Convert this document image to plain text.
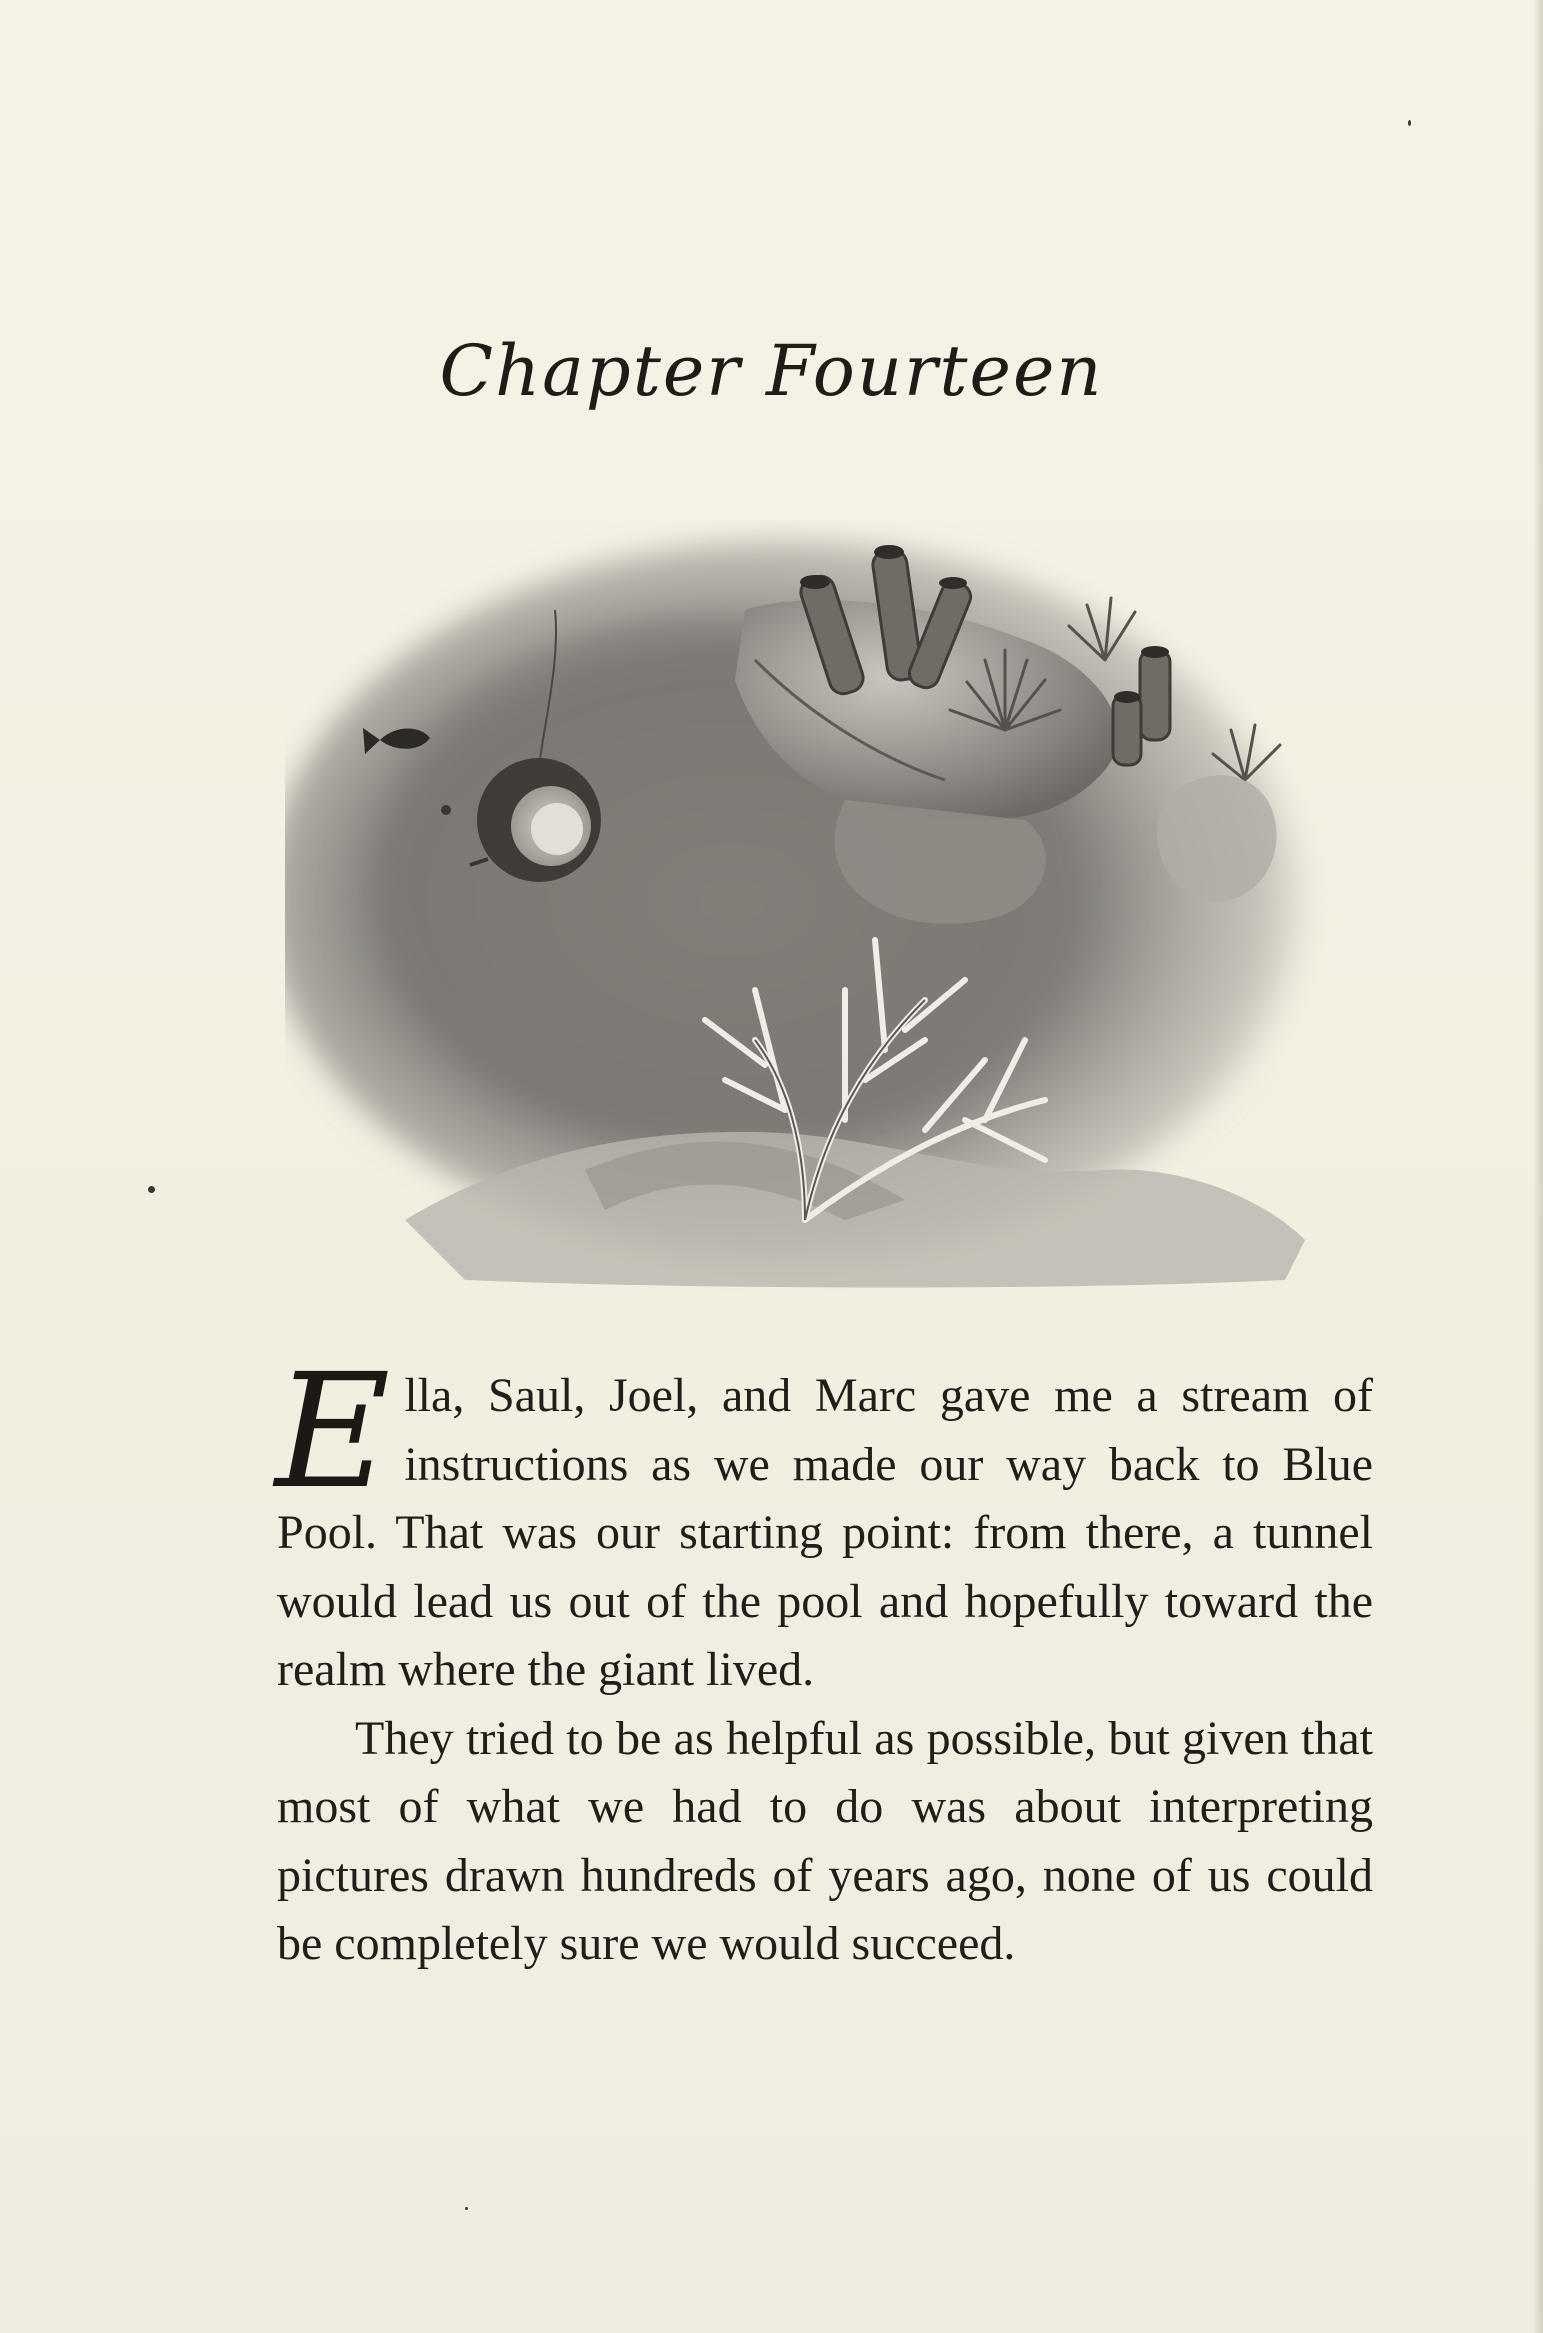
Chapter Fourteen

Ella, Saul, Joel, and Marc gave me a stream of instructions as we made our way back to Blue Pool. That was our starting point: from there, a tunnel would lead us out of the pool and hopefully toward the realm where the giant lived.

They tried to be as helpful as possible, but given that most of what we had to do was about interpreting pictures drawn hundreds of years ago, none of us could be completely sure we would succeed.
